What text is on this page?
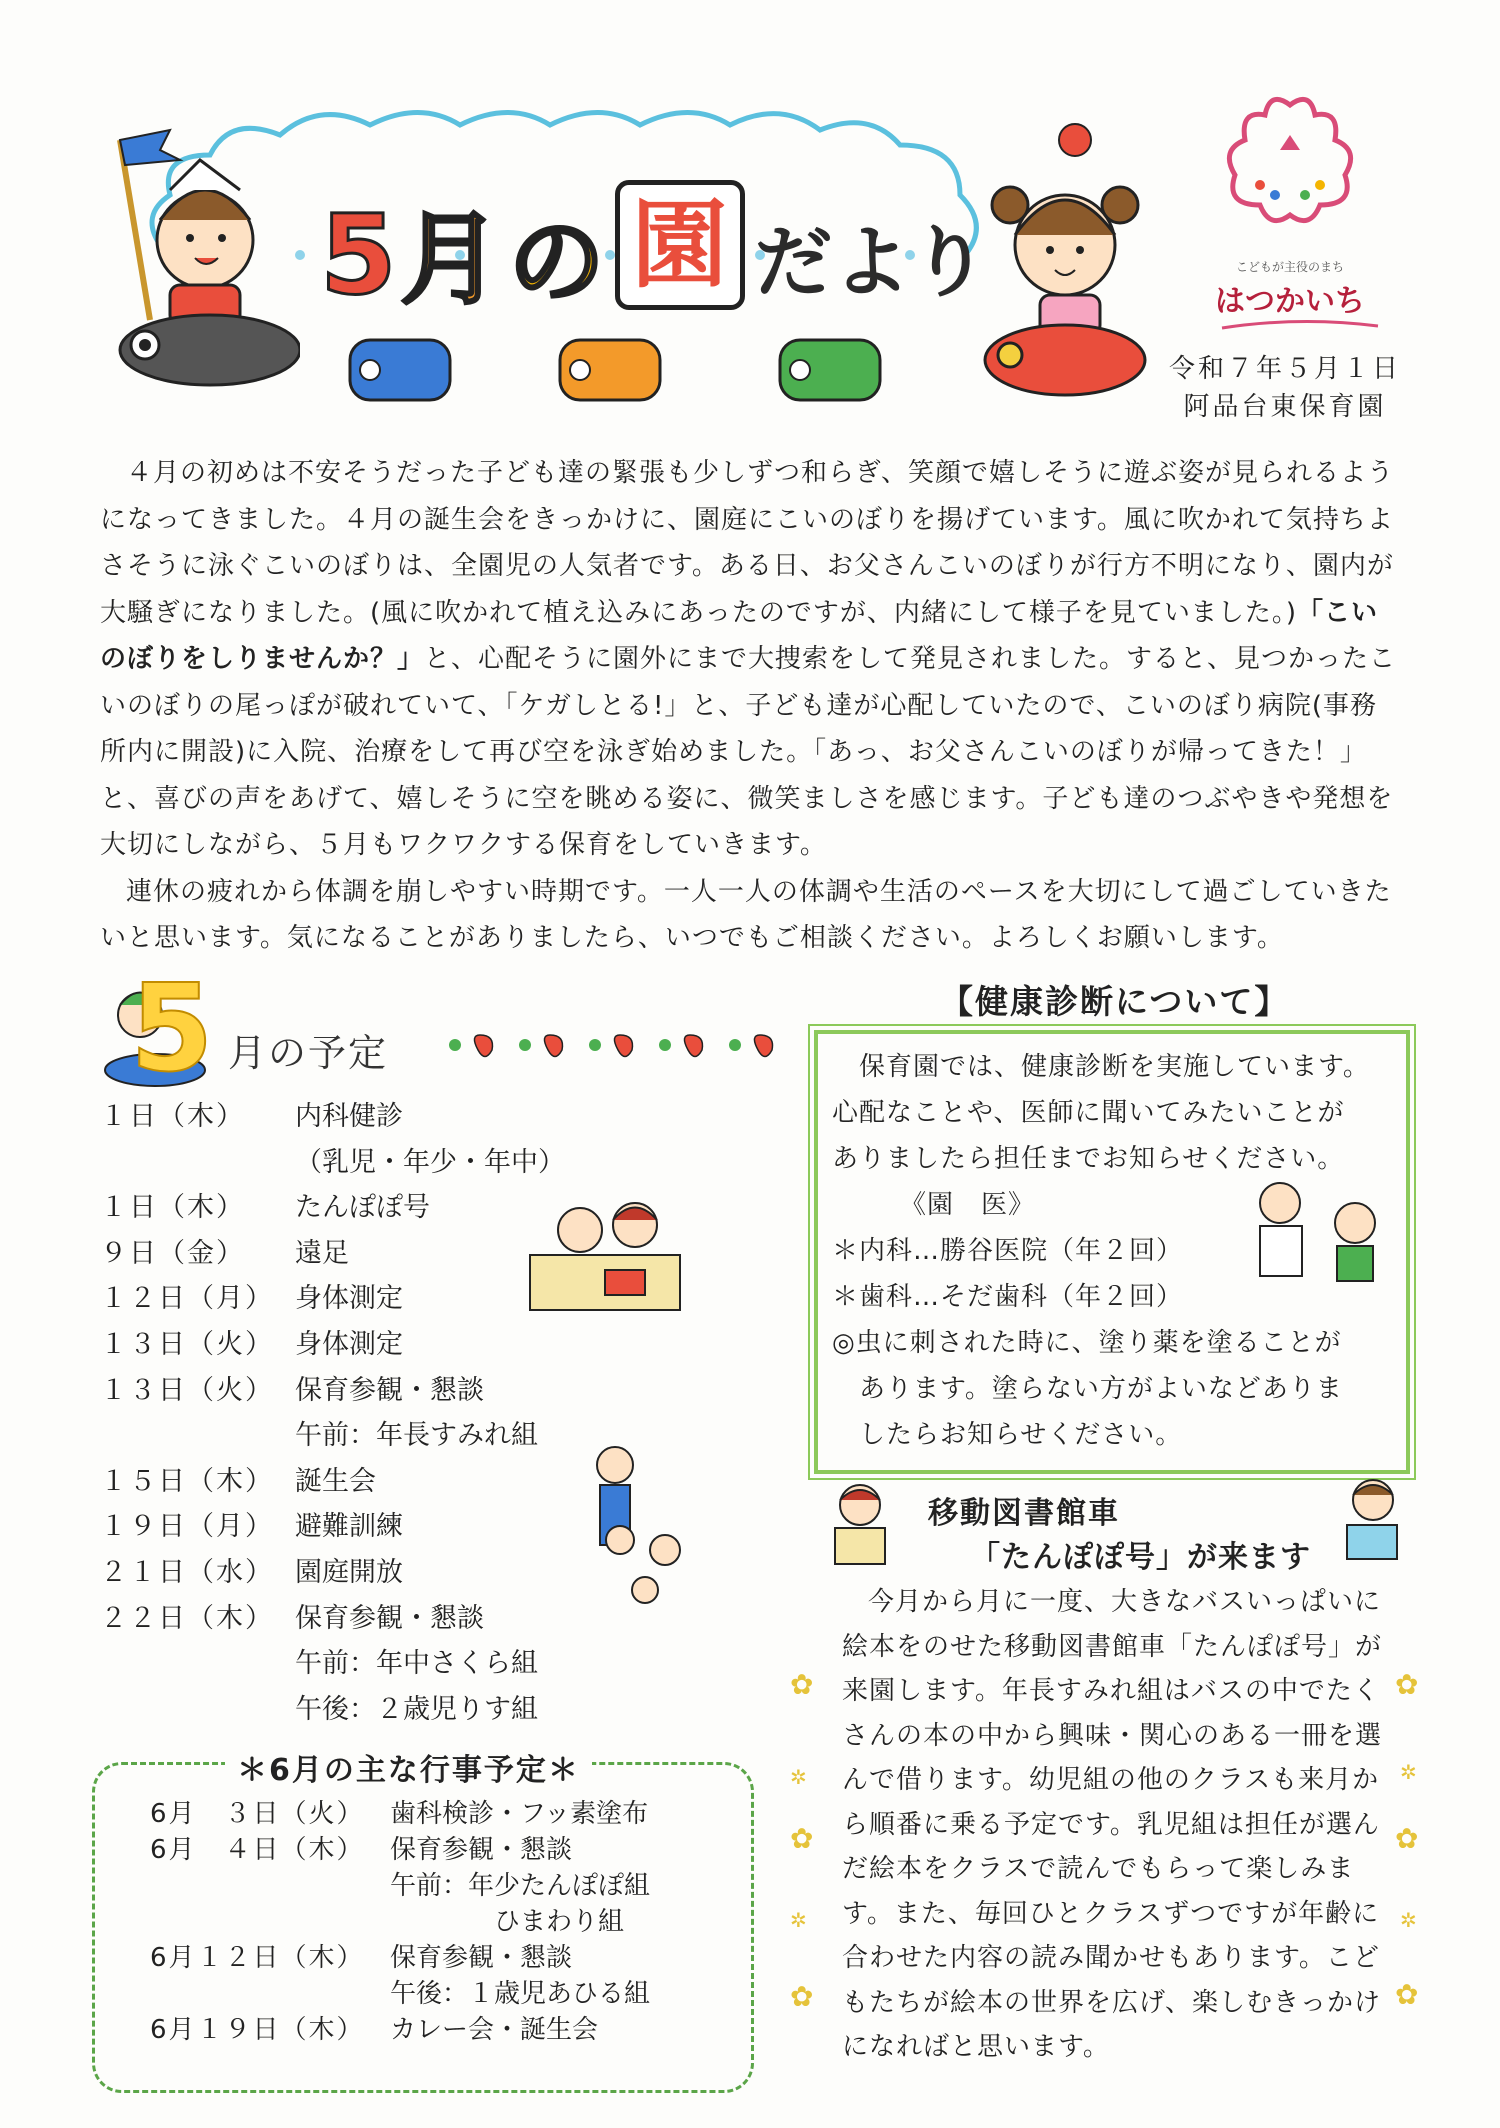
5 月 の 園 だより	こどもが主役のまち
はつかいち
令和７年５月１日
阿品台東保育園

４月の初めは不安そうだった子ども達の緊張も少しずつ和らぎ、笑顔で嬉しそうに遊ぶ姿が見られるようになってきました。４月の誕生会をきっかけに、園庭にこいのぼりを揚げています。風に吹かれて気持ちよさそうに泳ぐこいのぼりは、全園児の人気者です。ある日、お父さんこいのぼりが行方不明になり、園内が大騒ぎになりました。(風に吹かれて植え込みにあったのですが、内緒にして様子を見ていました。)「こいのぼりをしりませんか？」と、心配そうに園外にまで大捜索をして発見されました。すると、見つかったこいのぼりの尾っぽが破れていて、「ケガしとる!」と、子ども達が心配していたので、こいのぼり病院(事務所内に開設)に入院、治療をして再び空を泳ぎ始めました。「あっ、お父さんこいのぼりが帰ってきた！」と、喜びの声をあげて、嬉しそうに空を眺める姿に、微笑ましさを感じます。子ども達のつぶやきや発想を大切にしながら、５月もワクワクする保育をしていきます。

連休の疲れから体調を崩しやすい時期です。一人一人の体調や生活のペースを大切にして過ごしていきたいと思います。気になることがありましたら、いつでもご相談ください。よろしくお願いします。

5 月の予定
１日（木）	内科健診
（乳児・年少・年中）
１日（木）	たんぽぽ号
９日（金）	遠足
１２日（月） 身体測定
１３日（火） 身体測定
１３日（火） 保育参観・懇談
午前：年長すみれ組
１５日（木） 誕生会
１９日（月） 避難訓練
２１日（水） 園庭開放
２２日（木） 保育参観・懇談
午前：年中さくら組
午後：２歳児りす組
＊6月の主な行事予定＊
6月　３日（火） 歯科検診・フッ素塗布
6月　４日（木） 保育参観・懇談
午前：年少たんぽぽ組
　　　　ひまわり組
6月１２日（木） 保育参観・懇談
午後：１歳児あひる組
6月１９日（木） カレー会・誕生会
【健康診断について】

　保育園では、健康診断を実施しています。

心配なことや、医師に聞いてみたいことが

ありましたら担任までお知らせください。

　　　《園　医》

＊内科…勝谷医院（年２回）

＊歯科…そだ歯科（年２回）

◎虫に刺された時に、塗り薬を塗ることが

　あります。塗らない方がよいなどありま

　したらお知らせください。

移動図書館車
「たんぽぽ号」が来ます

今月から月に一度、大きなバスいっぱいに絵本をのせた移動図書館車「たんぽぽ号」が来園します。年長すみれ組はバスの中でたくさんの本の中から興味・関心のある一冊を選んで借ります。幼児組の他のクラスも来月から順番に乗る予定です。乳児組は担任が選んだ絵本をクラスで読んでもらって楽しみます。また、毎回ひとクラスずつですが年齢に合わせた内容の読み聞かせもあります。こどもたちが絵本の世界を広げ、楽しむきっかけになればと思います。

✿
✲
✿
✲
✿
✿
✲
✿
✲
✿
